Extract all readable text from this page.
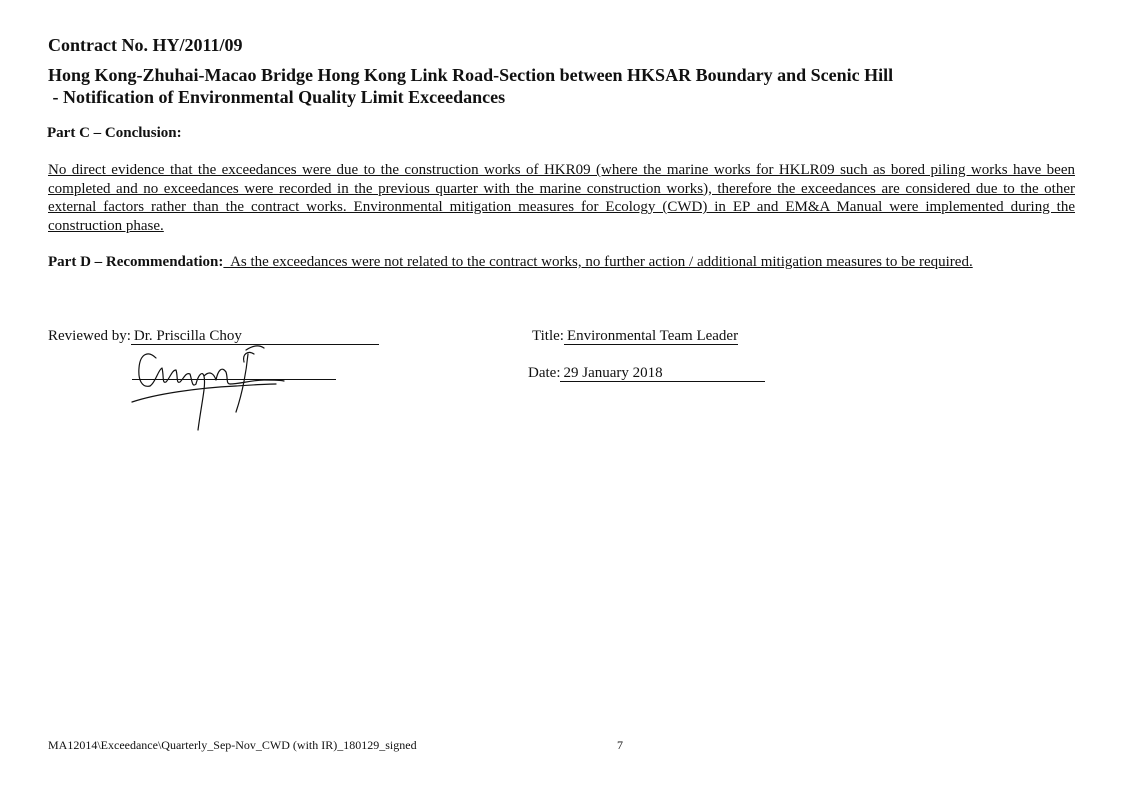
Contract No. HY/2011/09
Hong Kong-Zhuhai-Macao Bridge Hong Kong Link Road-Section between HKSAR Boundary and Scenic Hill
- Notification of Environmental Quality Limit Exceedances
Part C – Conclusion:

No direct evidence that the exceedances were due to the construction works of HKR09 (where the marine works for HKLR09 such as bored piling works have been completed and no exceedances were recorded in the previous quarter with the marine construction works), therefore the exceedances are considered due to the other external factors rather than the contract works. Environmental mitigation measures for Ecology (CWD) in EP and EM&A Manual were implemented during the construction phase.

Part D – Recommendation:  As the exceedances were not related to the contract works, no further action / additional mitigation measures to be required.
Reviewed by: Dr. Priscilla Choy	Title: Environmental Team Leader
Date: 29 January 2018
MA12014\Exceedance\Quarterly_Sep-Nov_CWD (with IR)_180129_signed	7
